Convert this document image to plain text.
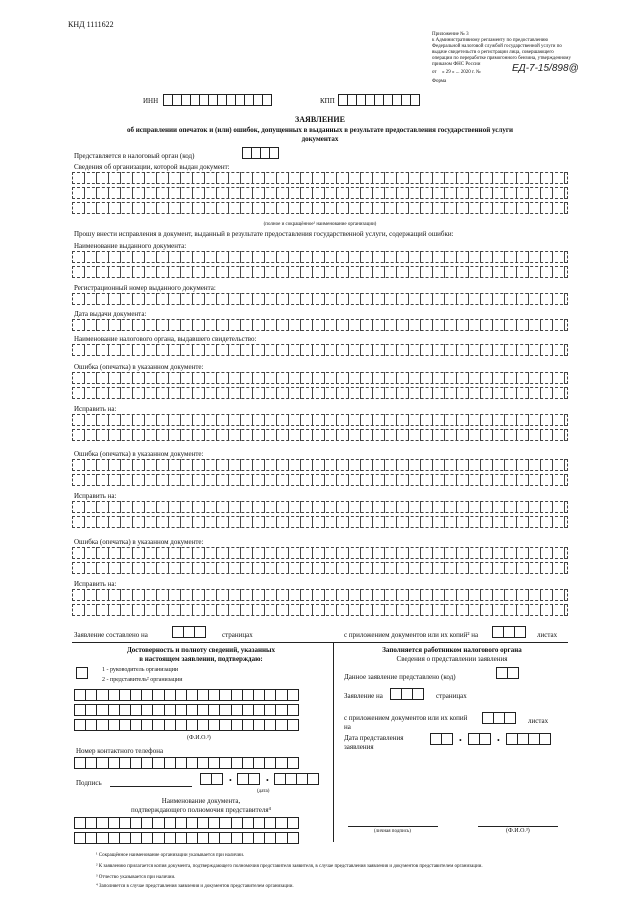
КНД 1111622
Приложение № 3
к Административному регламенту по предоставлению
Федеральной налоговой службой государственной услуги по
выдаче свидетельств о регистрации лица, совершающего
операции по переработке прямогонного бензина, утвержденному
приказом ФНС России
от « 29 » ... 2020 г. №	ЕД-7-15/898@
Форма
ИНН	КПП
ЗАЯВЛЕНИЕ
об исправлении опечаток и (или) ошибок, допущенных в выданных в результате предоставления государственной услуги
документах
Представляется в налоговый орган (код)
Сведения об организации, которой выдан документ:
(полное и сокращённое¹ наименование организации)
Прошу внести исправления в документ, выданный в результате предоставления государственной услуги, содержащий ошибки:
Наименование выданного документа:
Регистрационный номер выданного документа:
Дата выдачи документа:
Наименование налогового органа, выдавшего свидетельство:
Ошибка (опечатка) в указанном документе:
Исправить на:
Ошибка (опечатка) в указанном документе:
Исправить на:
Ошибка (опечатка) в указанном документе:
Исправить на:
Заявление составлено на	страницах	с приложением документов или их копий² на	листах
Достоверность и полноту сведений, указанных
в настоящем заявлении, подтверждаю:
1 - руководитель организации
2 - представитель² организации
(Ф.И.О.³)
Номер контактного телефона
Подпись	•	•
(дата)
Наименование документа,
подтверждающего полномочия представителя⁴
Заполняется работником налогового органа
Сведения о представлении заявления
Данное заявление представлено (код)
Заявление на	страницах
с приложением документов или их копий
на
листах
Дата представления
заявления
•	•
(личная подпись)	(Ф.И.О.³)
¹ Сокращённое наименование организации указывается при наличии.
² К заявлению прилагается копия документа, подтверждающего полномочия представителя заявителя, в случае представления заявления и документов представителем организации.
³ Отчество указывается при наличии.
⁴ Заполняется в случае представления заявления и документов представителем организации.
